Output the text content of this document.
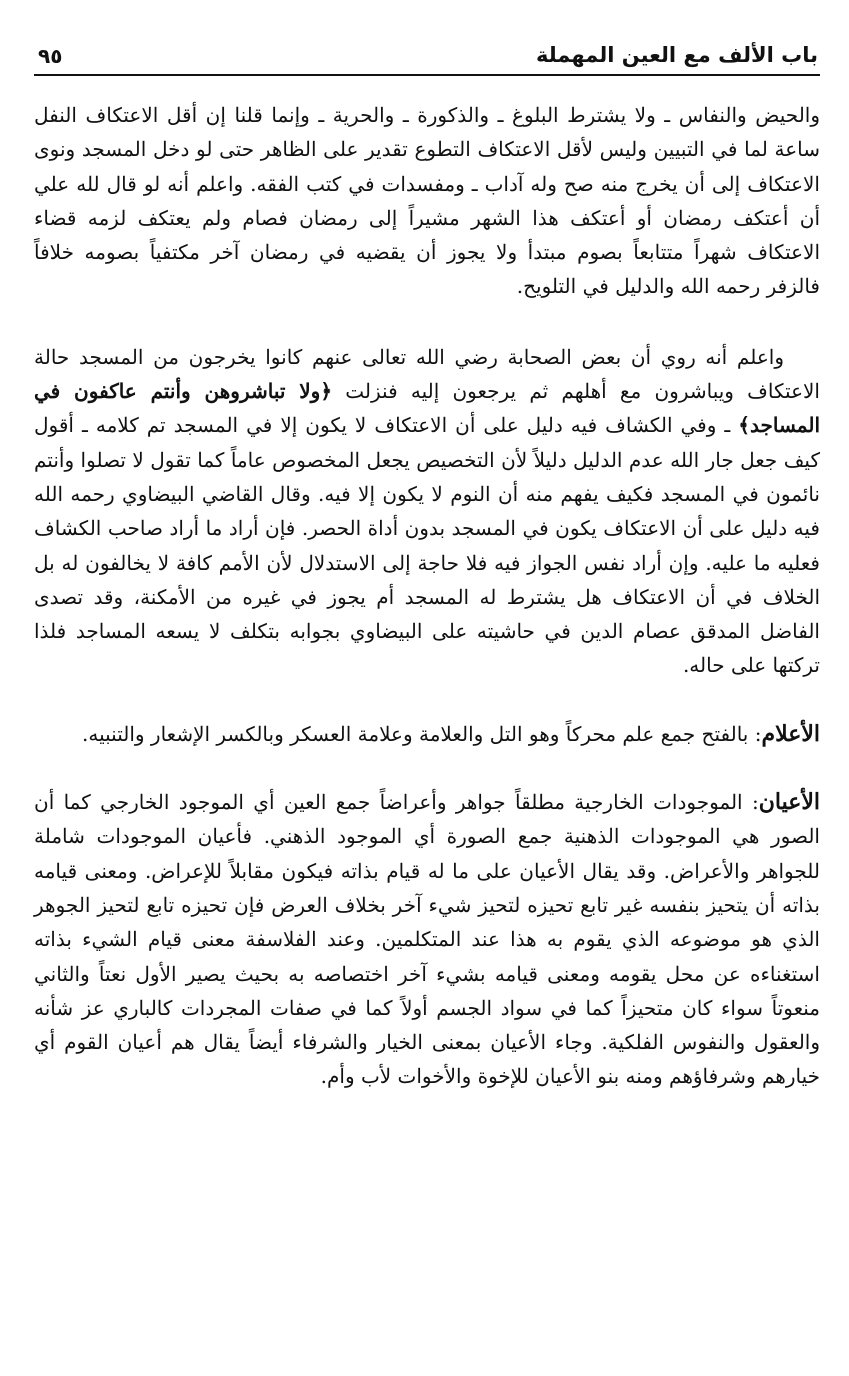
باب الألف مع العين المهملة
٩٥

والحيض والنفاس ـ ولا يشترط البلوغ ـ والذكورة ـ والحرية ـ وإنما قلنا إن أقل الاعتكاف النفل ساعة لما في التبيين وليس لأقل الاعتكاف التطوع تقدير على الظاهر حتى لو دخل المسجد ونوى الاعتكاف إلى أن يخرج منه صح وله آداب ـ ومفسدات في كتب الفقه. واعلم أنه لو قال لله علي أن أعتكف رمضان أو أعتكف هذا الشهر مشيراً إلى رمضان فصام ولم يعتكف لزمه قضاء الاعتكاف شهراً متتابعاً بصوم مبتدأ ولا يجوز أن يقضيه في رمضان آخر مكتفياً بصومه خلافاً فالزفر رحمه الله والدليل في التلويح.

واعلم أنه روي أن بعض الصحابة رضي الله تعالى عنهم كانوا يخرجون من المسجد حالة الاعتكاف ويباشرون مع أهلهم ثم يرجعون إليه فنزلت ﴿ولا تباشروهن وأنتم عاكفون في المساجد﴾ ـ وفي الكشاف فيه دليل على أن الاعتكاف لا يكون إلا في المسجد تم كلامه ـ أقول كيف جعل جار الله عدم الدليل دليلاً لأن التخصيص يجعل المخصوص عاماً كما تقول لا تصلوا وأنتم نائمون في المسجد فكيف يفهم منه أن النوم لا يكون إلا فيه. وقال القاضي البيضاوي رحمه الله فيه دليل على أن الاعتكاف يكون في المسجد بدون أداة الحصر. فإن أراد ما أراد صاحب الكشاف فعليه ما عليه. وإن أراد نفس الجواز فيه فلا حاجة إلى الاستدلال لأن الأمم كافة لا يخالفون له بل الخلاف في أن الاعتكاف هل يشترط له المسجد أم يجوز في غيره من الأمكنة، وقد تصدى الفاضل المدقق عصام الدين في حاشيته على البيضاوي بجوابه بتكلف لا يسعه المساجد فلذا تركتها على حاله.

الأعلام: بالفتح جمع علم محركاً وهو التل والعلامة وعلامة العسكر وبالكسر الإشعار والتنبيه.

الأعيان: الموجودات الخارجية مطلقاً جواهر وأعراضاً جمع العين أي الموجود الخارجي كما أن الصور هي الموجودات الذهنية جمع الصورة أي الموجود الذهني. فأعيان الموجودات شاملة للجواهر والأعراض. وقد يقال الأعيان على ما له قيام بذاته فيكون مقابلاً للإعراض. ومعنى قيامه بذاته أن يتحيز بنفسه غير تابع تحيزه لتحيز شيء آخر بخلاف العرض فإن تحيزه تابع لتحيز الجوهر الذي هو موضوعه الذي يقوم به هذا عند المتكلمين. وعند الفلاسفة معنى قيام الشيء بذاته استغناءه عن محل يقومه ومعنى قيامه بشيء آخر اختصاصه به بحيث يصير الأول نعتاً والثاني منعوتاً سواء كان متحيزاً كما في سواد الجسم أولاً كما في صفات المجردات كالباري عز شأنه والعقول والنفوس الفلكية. وجاء الأعيان بمعنى الخيار والشرفاء أيضاً يقال هم أعيان القوم أي خيارهم وشرفاؤهم ومنه بنو الأعيان للإخوة والأخوات لأب وأم.
